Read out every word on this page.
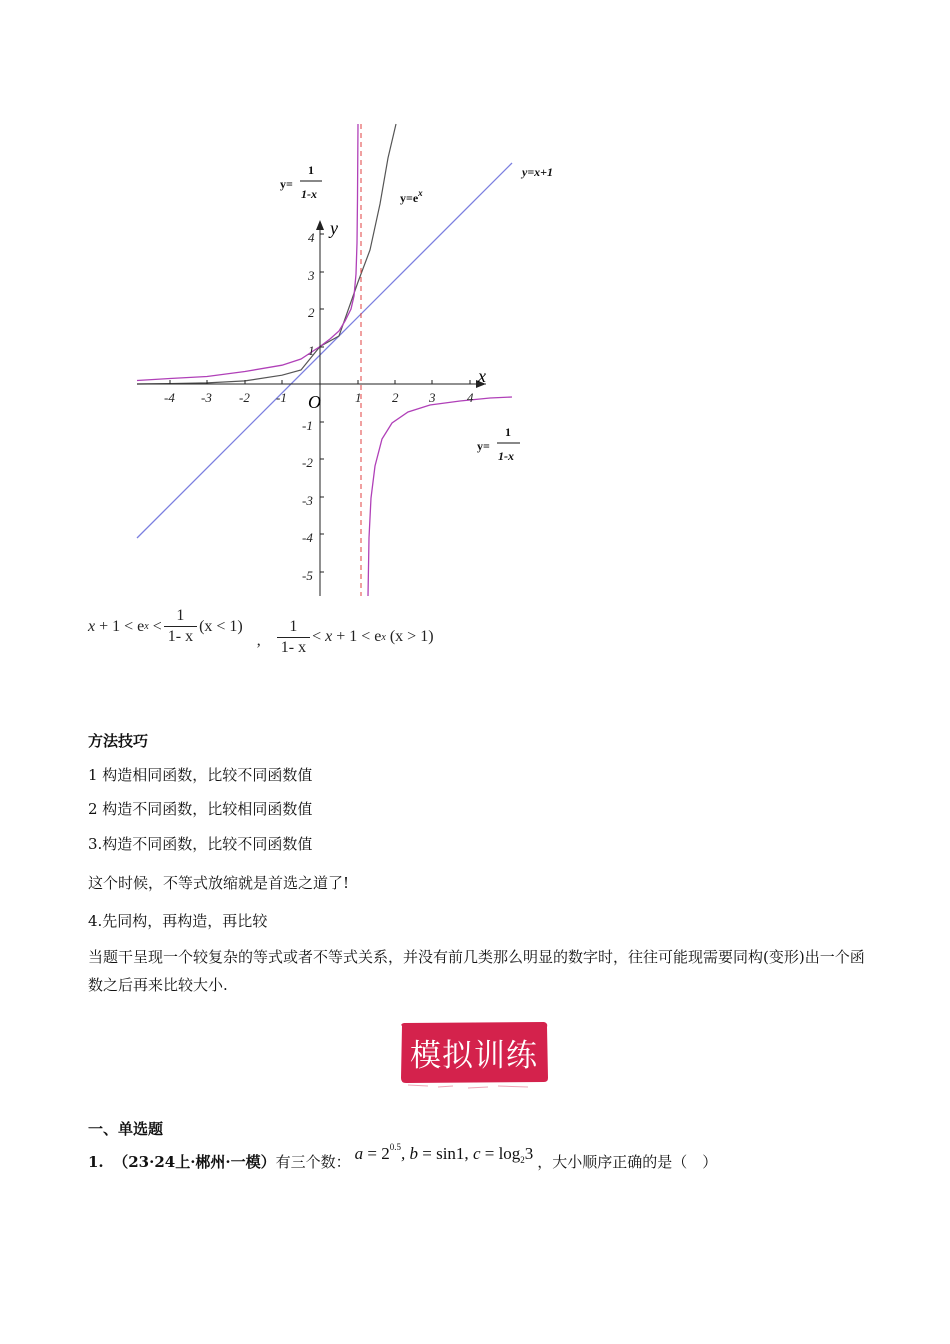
-4 -3 -2 -1	1 2 3 4
4
3
2
1
-1
-2
-3
-4
-5
x
y
O
y=
1
1-x	$y=e^x$
y=x+1
y=
1
1-x
x
+ 1 <
e x
< $\frac{1}{1- x} (x < 1)$
, $\frac{1}{1- x}$ <
x
+ 1 <
e x
(x > 1)
方法技巧
1 构造相同函数，比较不同函数值
2 构造不同函数，比较相同函数值
3.构造不同函数，比较不同函数值
这个时候，不等式放缩就是首选之道了!
4.先同构，再构造，再比较
当题干呈现一个较复杂的等式或者不等式关系，并没有前几类那么明显的数字时，往往可能现需要同构(变形)出一个函数之后再来比较大小.
模拟训练
一、单选题
1.
（23·24上·郴州·一模） 有三个数： $a = 2^{0.5}$, b = sin1, $c = \log_23$ ，大小顺序正确的是（　）
